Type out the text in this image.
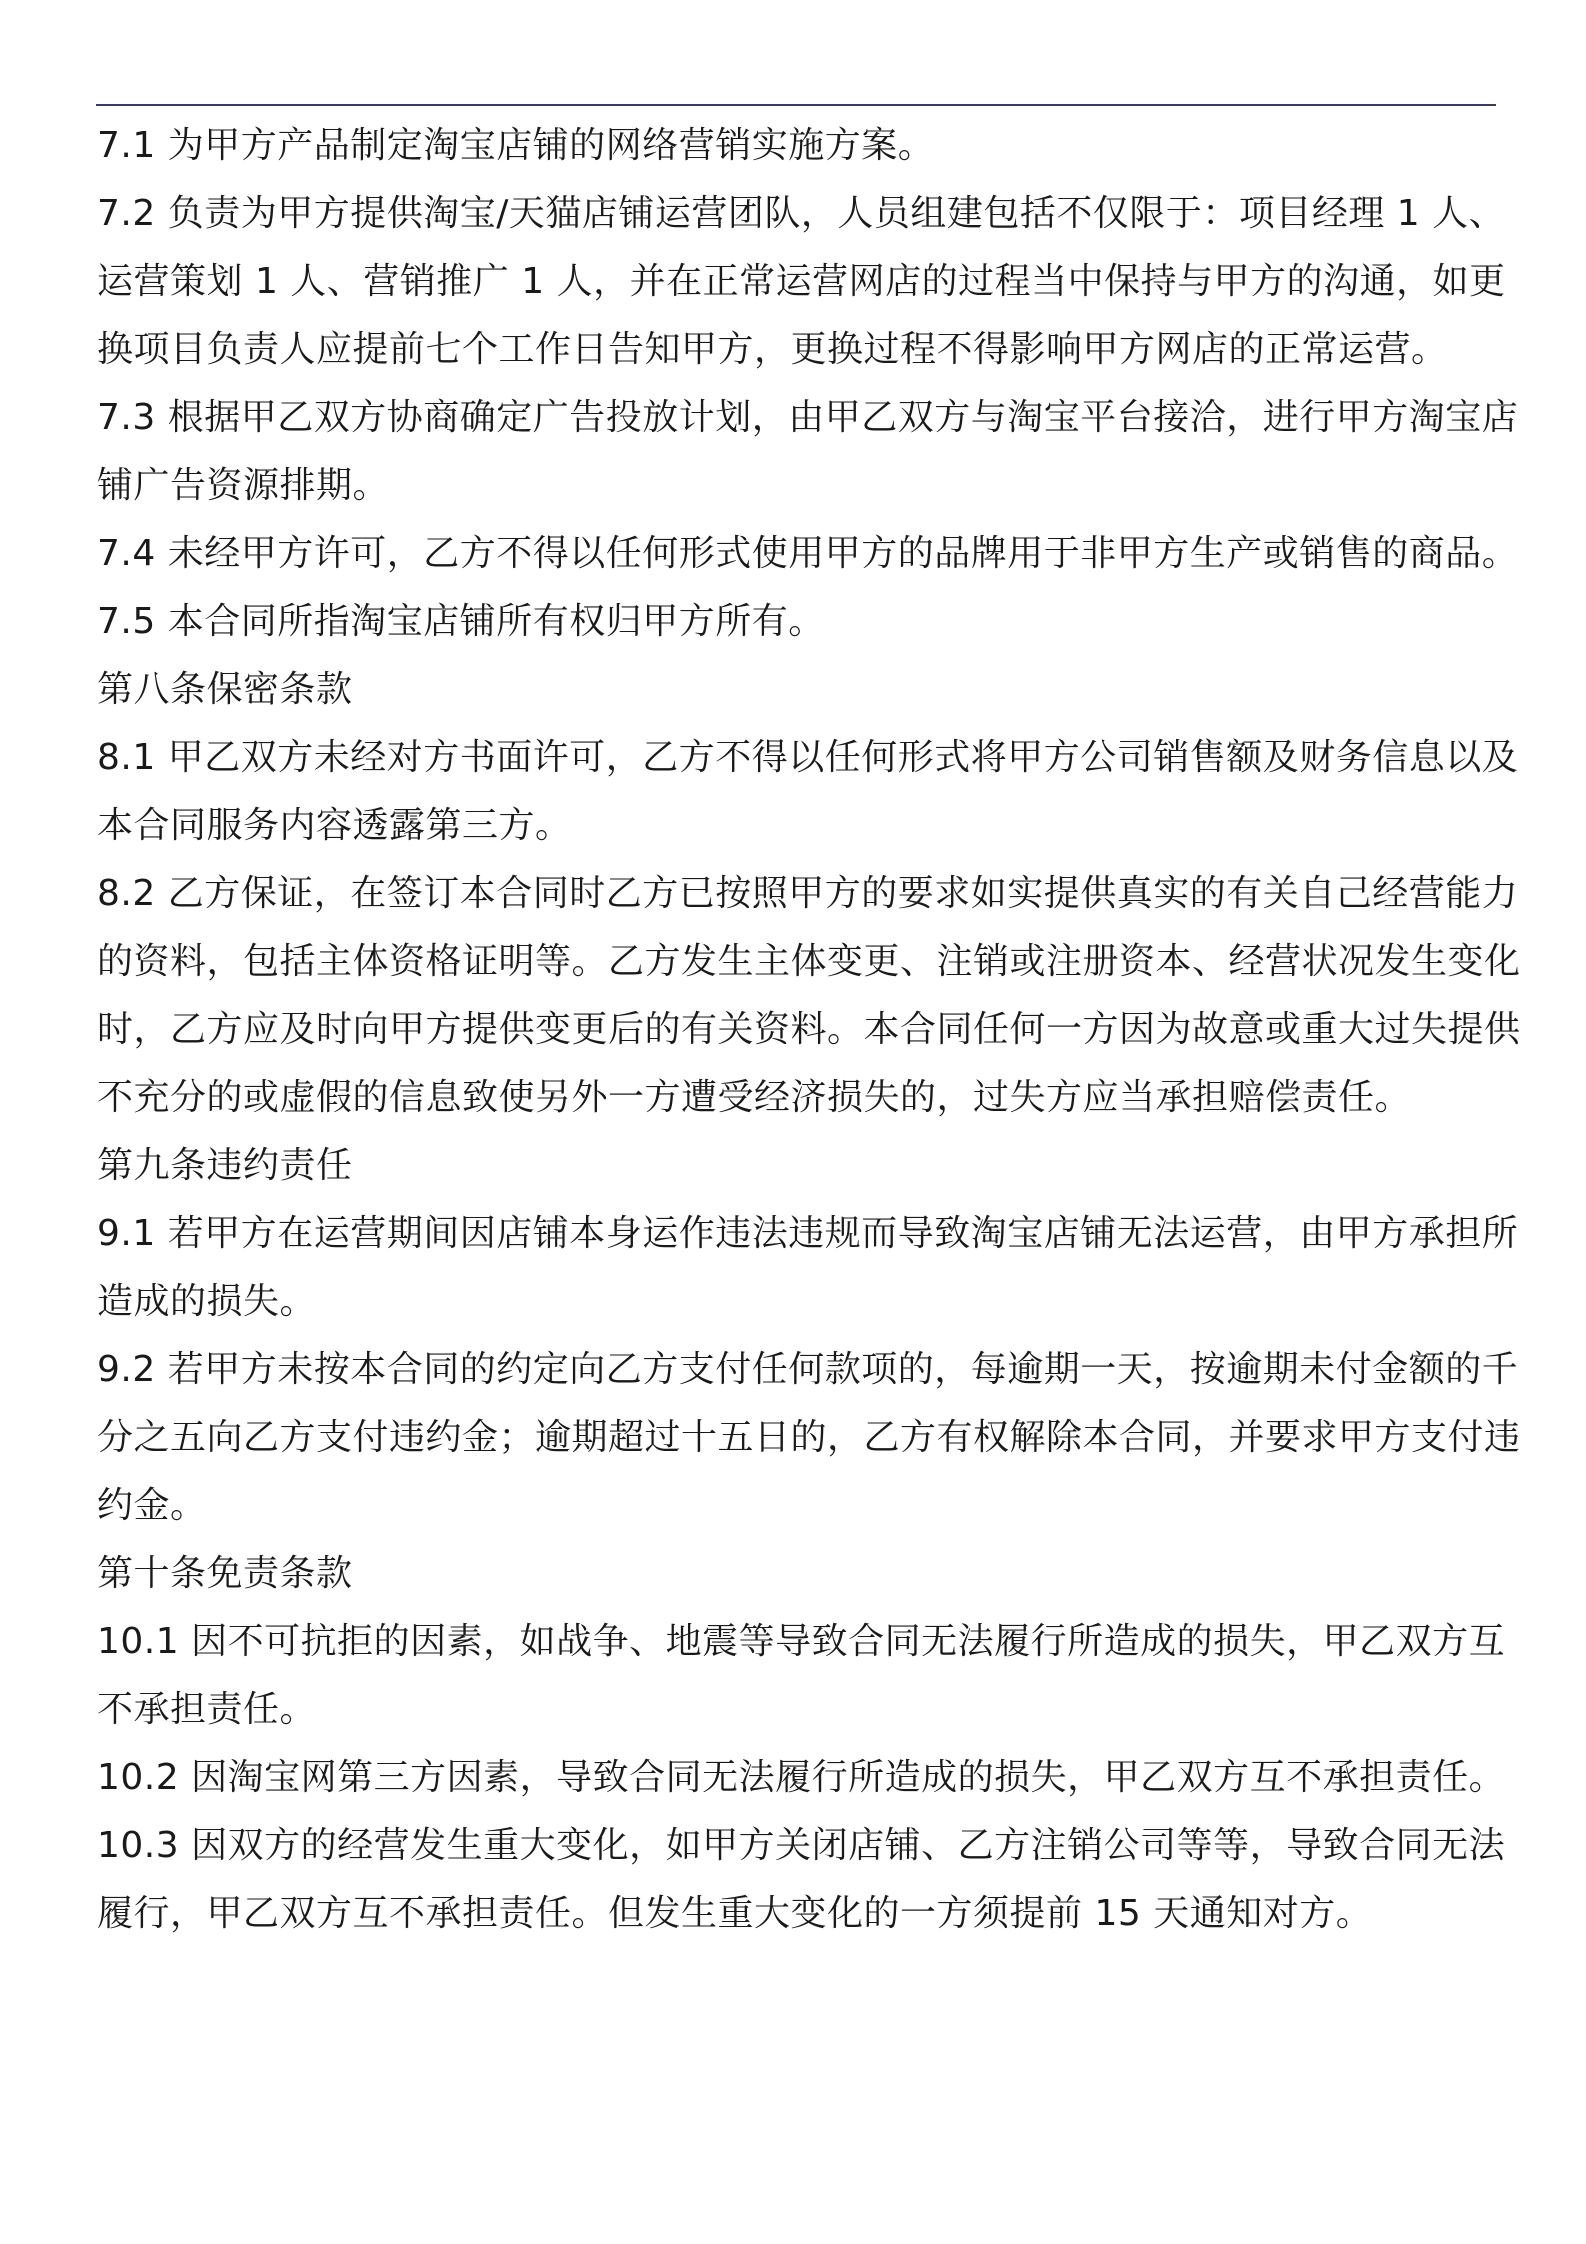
7.1 为甲方产品制定淘宝店铺的网络营销实施方案。

7.2 负责为甲方提供淘宝/天猫店铺运营团队，人员组建包括不仅限于：项目经理 1 人、运营策划 1 人、营销推广 1 人，并在正常运营网店的过程当中保持与甲方的沟通，如更换项目负责人应提前七个工作日告知甲方，更换过程不得影响甲方网店的正常运营。

7.3 根据甲乙双方协商确定广告投放计划，由甲乙双方与淘宝平台接洽，进行甲方淘宝店铺广告资源排期。

7.4 未经甲方许可，乙方不得以任何形式使用甲方的品牌用于非甲方生产或销售的商品。

7.5 本合同所指淘宝店铺所有权归甲方所有。

第八条保密条款

8.1 甲乙双方未经对方书面许可，乙方不得以任何形式将甲方公司销售额及财务信息以及本合同服务内容透露第三方。

8.2 乙方保证，在签订本合同时乙方已按照甲方的要求如实提供真实的有关自己经营能力的资料，包括主体资格证明等。乙方发生主体变更、注销或注册资本、经营状况发生变化时，乙方应及时向甲方提供变更后的有关资料。本合同任何一方因为故意或重大过失提供不充分的或虚假的信息致使另外一方遭受经济损失的，过失方应当承担赔偿责任。

第九条违约责任

9.1 若甲方在运营期间因店铺本身运作违法违规而导致淘宝店铺无法运营，由甲方承担所造成的损失。

9.2 若甲方未按本合同的约定向乙方支付任何款项的，每逾期一天，按逾期未付金额的千分之五向乙方支付违约金；逾期超过十五日的，乙方有权解除本合同，并要求甲方支付违约金。

第十条免责条款

10.1 因不可抗拒的因素，如战争、地震等导致合同无法履行所造成的损失，甲乙双方互不承担责任。

10.2 因淘宝网第三方因素，导致合同无法履行所造成的损失，甲乙双方互不承担责任。

10.3 因双方的经营发生重大变化，如甲方关闭店铺、乙方注销公司等等，导致合同无法履行，甲乙双方互不承担责任。但发生重大变化的一方须提前 15 天通知对方。
